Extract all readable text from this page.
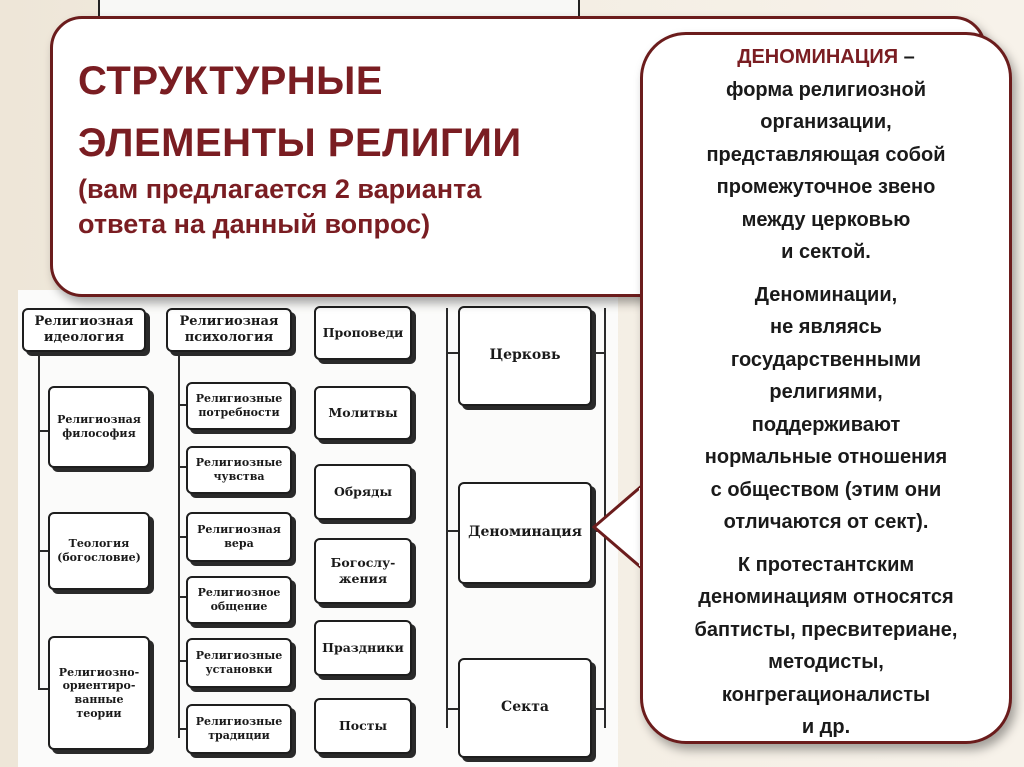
Религиозная
идеология
Религиозная
философия
Теология
(богословие)
Религиозно-
ориентиро-
ванные
теории
Религиозная
психология
Религиозные
потребности
Религиозные
чувства
Религиозная
вера
Религиозное
общение
Религиозные
установки
Религиозные
традиции
Проповеди
Молитвы
Обряды
Богослу-
жения
Праздники
Посты
Церковь
Деноминация
Секта
СТРУКТУРНЫЕ
ЭЛЕМЕНТЫ РЕЛИГИИ
(вам предлагается 2 варианта
ответа на данный вопрос)

ДЕНОМИНАЦИЯ –
форма религиозной
организации,
представляющая собой
промежуточное звено
между церковью
и сектой.

Деноминации,
не являясь
государственными
религиями,
поддерживают
нормальные отношения
с обществом (этим они
отличаются от сект).

К протестантским
деноминациям относятся
баптисты, пресвитериане,
методисты,
конгрегационалисты
и др.
